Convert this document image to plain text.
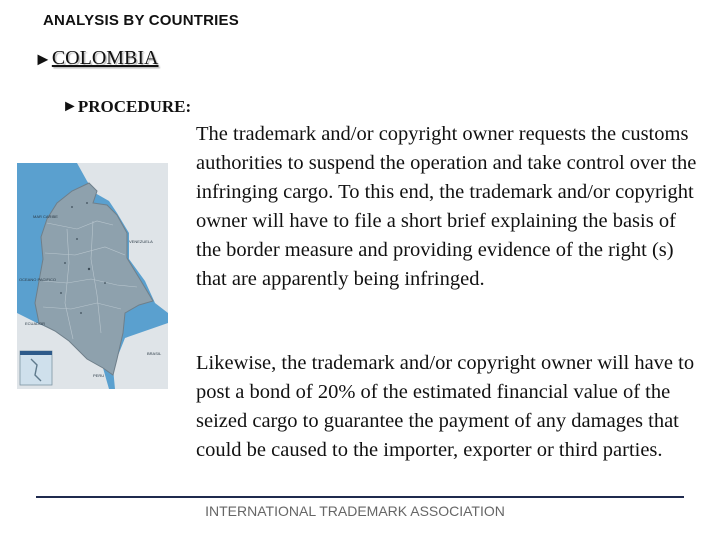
ANALYSIS BY COUNTRIES
► COLOMBIA
► PROCEDURE:
MAR CARIBE
VENEZUELA
OCEANO PACIFICO
ECUADOR
BRASIL
PERU
The trademark and/or copyright owner requests the customs authorities to suspend the operation and take control over the infringing cargo. To this end, the trademark and/or copyright owner will have to file a short brief explaining the basis of the border measure and providing evidence of the right (s) that are apparently being infringed.
Likewise, the trademark and/or copyright owner will have to post a bond of 20% of the estimated financial value of the seized cargo to guarantee the payment of any damages that could be caused to the importer, exporter or third parties.
INTERNATIONAL TRADEMARK ASSOCIATION
